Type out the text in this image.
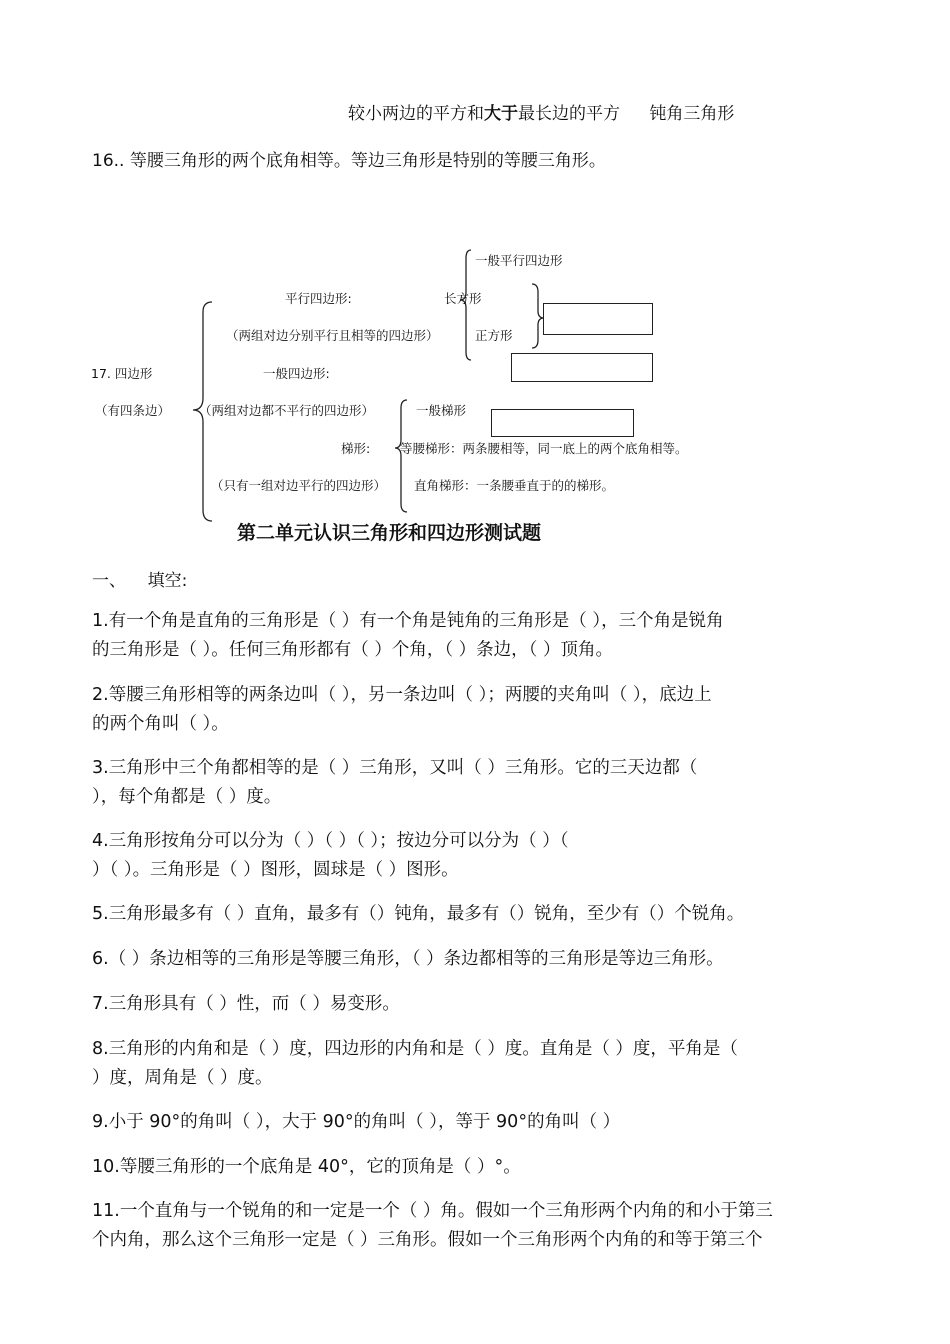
较小两边的平方和大于最长边的平方 钝角三角形
16.. 等腰三角形的两个底角相等。等边三角形是特别的等腰三角形。
一般平行四边形
平行四边形:	长方形
（两组对边分别平行且相等的四边形）	正方形
17. 四边形	一般四边形:
（有四条边） （两组对边都不平行的四边形）	一般梯形
梯形: 等腰梯形：两条腰相等，同一底上的两个底角相等。
（只有一组对边平行的四边形） 直角梯形：一条腰垂直于的的梯形。
第二单元认识三角形和四边形测试题
一、    填空:
1.有一个角是直角的三角形是（ ）有一个角是钝角的三角形是（ ），三个角是锐角
的三角形是（ ）。任何三角形都有（ ）个角，（ ）条边，（ ）顶角。
2.等腰三角形相等的两条边叫（ ），另一条边叫（ ）；两腰的夹角叫（ ），底边上
的两个角叫（ ）。
3.三角形中三个角都相等的是（ ）三角形，又叫（ ）三角形。它的三天边都（
），每个角都是（ ）度。
4.三角形按角分可以分为（ ）（ ）（ ）；按边分可以分为（ ）（
）（ ）。三角形是（ ）图形，圆球是（ ）图形。
5.三角形最多有（ ）直角，最多有（）钝角，最多有（）锐角，至少有（）个锐角。
6.（ ）条边相等的三角形是等腰三角形，（ ）条边都相等的三角形是等边三角形。
7.三角形具有（ ）性，而（ ）易变形。
8.三角形的内角和是（ ）度，四边形的内角和是（ ）度。直角是（ ）度，平角是（
）度，周角是（ ）度。
9.小于 90°的角叫（ ），大于 90°的角叫（ ），等于 90°的角叫（ ）
10.等腰三角形的一个底角是 40°，它的顶角是（ ）°。
11.一个直角与一个锐角的和一定是一个（ ）角。假如一个三角形两个内角的和小于第三
个内角，那么这个三角形一定是（ ）三角形。假如一个三角形两个内角的和等于第三个
